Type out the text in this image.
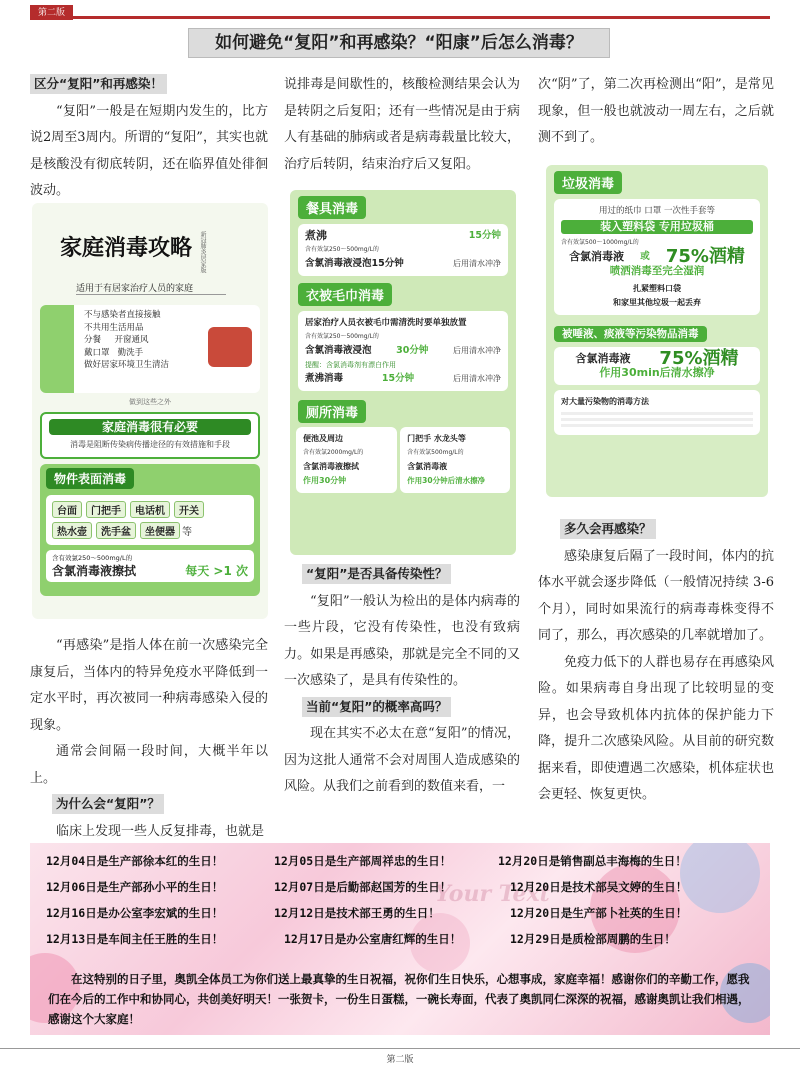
第二版
如何避免“复阳”和再感染？“阳康”后怎么消毒？
区分“复阳”和再感染！

“复阳”一般是在短期内发生的，比方说2周至3周内。所谓的“复阳”，其实也就是核酸没有彻底转阴，还在临界值处徘徊波动。

家庭消毒攻略 新冠肺炎居家版
适用于有居家治疗人员的家庭
不与感染者直接接触
不共用生活用品
分餐 开窗通风
戴口罩 勤洗手
做好居家环境卫生清洁
做到这些之外
家庭消毒很有必要
消毒是阻断传染病传播途径的有效措施和手段
物件表面消毒
台面 门把手 电话机 开关
热水壶 洗手盆 坐便器 等
含有效氯250～500mg/L的
含氯消毒液擦拭	每天 >1 次

“再感染”是指人体在前一次感染完全康复后，当体内的特异免疫水平降低到一定水平时，再次被同一种病毒感染入侵的现象。

通常会间隔一段时间，大概半年以上。

为什么会“复阳”？

临床上发现一些人反复排毒，也就是

说排毒是间歇性的，核酸检测结果会认为是转阴之后复阳；还有一些情况是由于病人有基础的肺病或者是病毒载量比较大，治疗后转阴，结束治疗后又复阳。

餐具消毒
煮沸	15分钟
含有效氯250～500mg/L的
含氯消毒液浸泡15分钟	后用清水冲净
衣被毛巾消毒
居家治疗人员衣被毛巾需清洗时要单独放置
含有效氯250～500mg/L的
含氯消毒液浸泡	30分钟	后用清水冲净
提醒：含氯消毒剂有漂白作用
煮沸消毒	15分钟	后用清水冲净
厕所消毒
便池及周边
含有效氯2000mg/L的
含氯消毒液擦拭
作用30分钟
门把手 水龙头等
含有效氯500mg/L的
含氯消毒液
作用30分钟后清水擦净
“复阳”是否具备传染性？

“复阳”一般认为检出的是体内病毒的一些片段，它没有传染性，也没有致病力。如果是再感染，那就是完全不同的又一次感染了，是具有传染性的。

当前“复阳”的概率高吗？

现在其实不必太在意“复阳”的情况，因为这批人通常不会对周围人造成感染的风险。从我们之前看到的数值来看，一

次“阴”了，第二次再检测出“阳”，是常见现象，但一般也就波动一周左右，之后就测不到了。

垃圾消毒
用过的纸巾 口罩 一次性手套等
装入塑料袋 专用垃圾桶
含有效氯500～1000mg/L的
含氯消毒液 或 75%酒精
喷洒消毒至完全湿润
扎紧塑料口袋
和家里其他垃圾一起丢弃
被唾液、痰液等污染物品消毒
含氯消毒液 75%酒精
作用30min后清水擦净
对大量污染物的消毒方法
多久会再感染？

感染康复后隔了一段时间，体内的抗体水平就会逐步降低（一般情况持续 3-6个月），同时如果流行的病毒毒株变得不同了，那么，再次感染的几率就增加了。

免疫力低下的人群也易存在再感染风险。如果病毒自身出现了比较明显的变异，也会导致机体内抗体的保护能力下降，提升二次感染风险。从目前的研究数据来看，即使遭遇二次感染，机体症状也会更轻、恢复更快。

Your Text
12月04日是生产部徐本红的生日！	12月05日是生产部周祥忠的生日！	12月20日是销售副总丰海梅的生日！
12月06日是生产部孙小平的生日！	12月07日是后勤部赵国芳的生日！	12月20日是技术部吴文婷的生日！
12月16日是办公室李宏斌的生日！	12月12日是技术部王勇的生日！	12月20日是生产部卜社英的生日！
12月13日是车间主任王胜的生日！	12月17日是办公室唐红辉的生日！	12月29日是质检部周鹏的生日！
在这特别的日子里，奥凯全体员工为你们送上最真挚的生日祝福，祝你们生日快乐，心想事成，家庭幸福！感谢你们的辛勤工作，愿我们在今后的工作中和协同心，共创美好明天！一张贺卡，一份生日蛋糕，一碗长寿面，代表了奥凯同仁深深的祝福，感谢奥凯让我们相遇，感谢这个大家庭！
第二版
